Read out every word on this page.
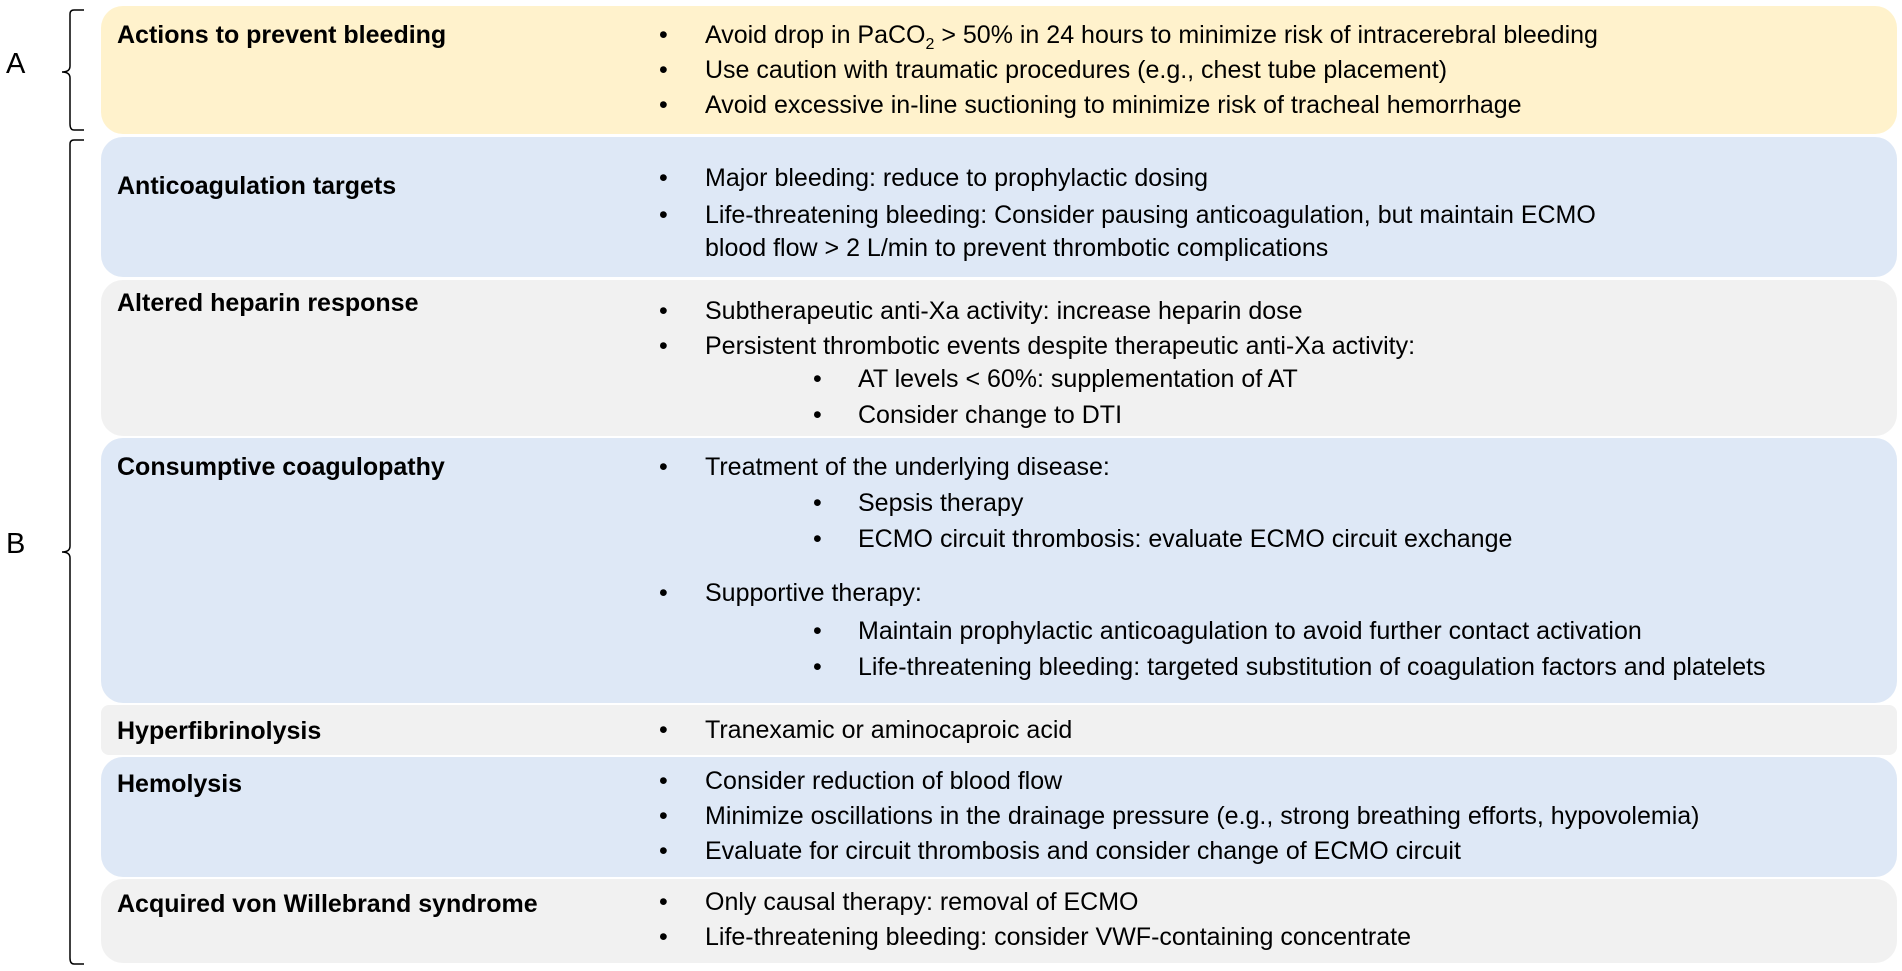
A
B
Actions to prevent bleeding	• Avoid drop in PaCO$_2$ > 50% in 24 hours to minimize risk of intracerebral bleeding
• Use caution with traumatic procedures (e.g., chest tube placement)
• Avoid excessive in-line suctioning to minimize risk of tracheal hemorrhage
Anticoagulation targets	• Major bleeding: reduce to prophylactic dosing
• Life-threatening bleeding: Consider pausing anticoagulation, but maintain ECMO
blood flow > 2 L/min to prevent thrombotic complications
Altered heparin response	• Subtherapeutic anti-Xa activity: increase heparin dose
• Persistent thrombotic events despite therapeutic anti-Xa activity:
• AT levels < 60%: supplementation of AT
• Consider change to DTI
Consumptive coagulopathy	• Treatment of the underlying disease:
• Sepsis therapy
• ECMO circuit thrombosis: evaluate ECMO circuit exchange
• Supportive therapy:
• Maintain prophylactic anticoagulation to avoid further contact activation
• Life-threatening bleeding: targeted substitution of coagulation factors and platelets
Hyperfibrinolysis	• Tranexamic or aminocaproic acid
Hemolysis	• Consider reduction of blood flow
• Minimize oscillations in the drainage pressure (e.g., strong breathing efforts, hypovolemia)
• Evaluate for circuit thrombosis and consider change of ECMO circuit
Acquired von Willebrand syndrome	• Only causal therapy: removal of ECMO
• Life-threatening bleeding: consider VWF-containing concentrate
